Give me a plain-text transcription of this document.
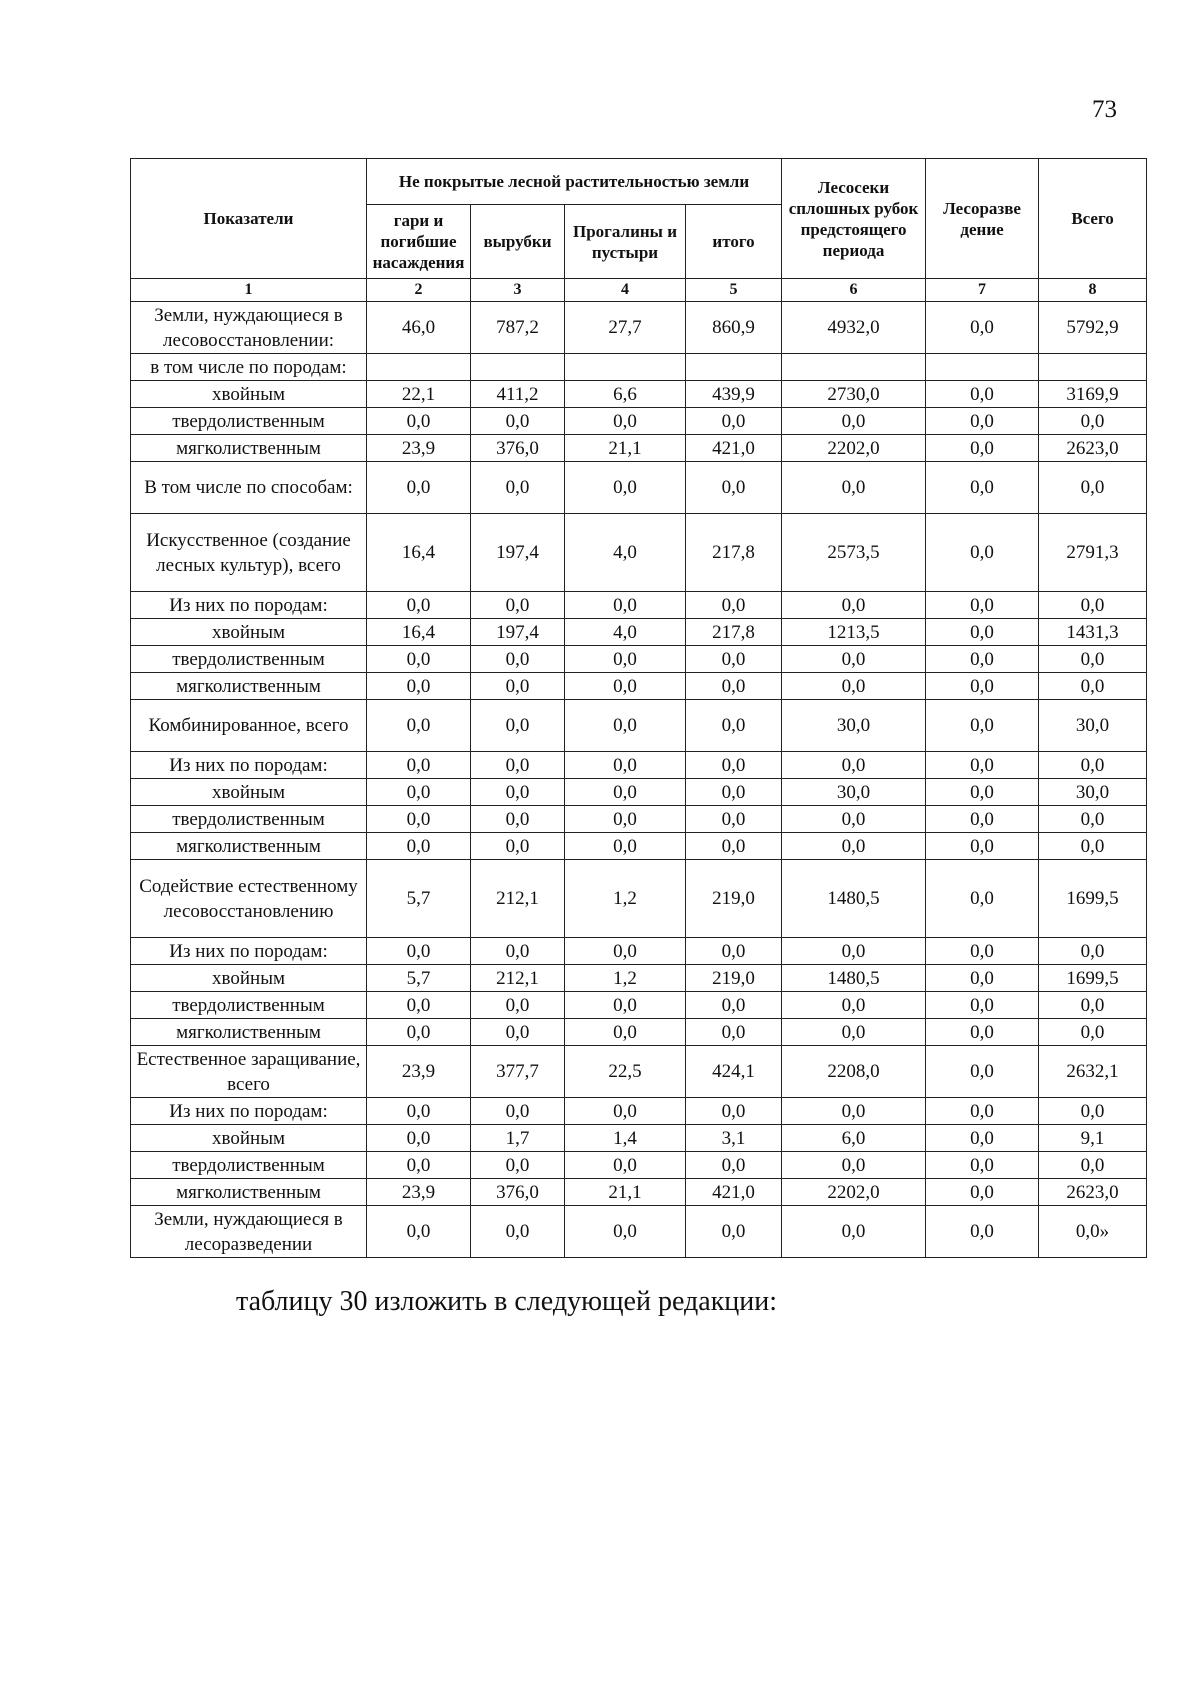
73
Показатели	Не покрытые лесной растительностью земли				Лесосеки сплошных рубок предстоящего периода	Лесоразве дение	Всего
	гари и погибшие насаждения	вырубки	Прогалины и пустыри	итого			
1	2	3	4	5	6	7	8
Земли, нуждающиеся в лесовосстановлении:	46,0	787,2	27,7	860,9	4932,0	0,0	5792,9
в том числе по породам:							
хвойным	22,1	411,2	6,6	439,9	2730,0	0,0	3169,9
твердолиственным	0,0	0,0	0,0	0,0	0,0	0,0	0,0
мягколиственным	23,9	376,0	21,1	421,0	2202,0	0,0	2623,0
В том числе по способам:	0,0	0,0	0,0	0,0	0,0	0,0	0,0
Искусственное (создание лесных культур), всего	16,4	197,4	4,0	217,8	2573,5	0,0	2791,3
Из них по породам:	0,0	0,0	0,0	0,0	0,0	0,0	0,0
хвойным	16,4	197,4	4,0	217,8	1213,5	0,0	1431,3
твердолиственным	0,0	0,0	0,0	0,0	0,0	0,0	0,0
мягколиственным	0,0	0,0	0,0	0,0	0,0	0,0	0,0
Комбинированное, всего	0,0	0,0	0,0	0,0	30,0	0,0	30,0
Из них по породам:	0,0	0,0	0,0	0,0	0,0	0,0	0,0
хвойным	0,0	0,0	0,0	0,0	30,0	0,0	30,0
твердолиственным	0,0	0,0	0,0	0,0	0,0	0,0	0,0
мягколиственным	0,0	0,0	0,0	0,0	0,0	0,0	0,0
Содействие естественному лесовосстановлению	5,7	212,1	1,2	219,0	1480,5	0,0	1699,5
Из них по породам:	0,0	0,0	0,0	0,0	0,0	0,0	0,0
хвойным	5,7	212,1	1,2	219,0	1480,5	0,0	1699,5
твердолиственным	0,0	0,0	0,0	0,0	0,0	0,0	0,0
мягколиственным	0,0	0,0	0,0	0,0	0,0	0,0	0,0
Естественное заращивание, всего	23,9	377,7	22,5	424,1	2208,0	0,0	2632,1
Из них по породам:	0,0	0,0	0,0	0,0	0,0	0,0	0,0
хвойным	0,0	1,7	1,4	3,1	6,0	0,0	9,1
твердолиственным	0,0	0,0	0,0	0,0	0,0	0,0	0,0
мягколиственным	23,9	376,0	21,1	421,0	2202,0	0,0	2623,0
Земли, нуждающиеся в лесоразведении	0,0	0,0	0,0	0,0	0,0	0,0	0,0»
таблицу 30 изложить в следующей редакции:
